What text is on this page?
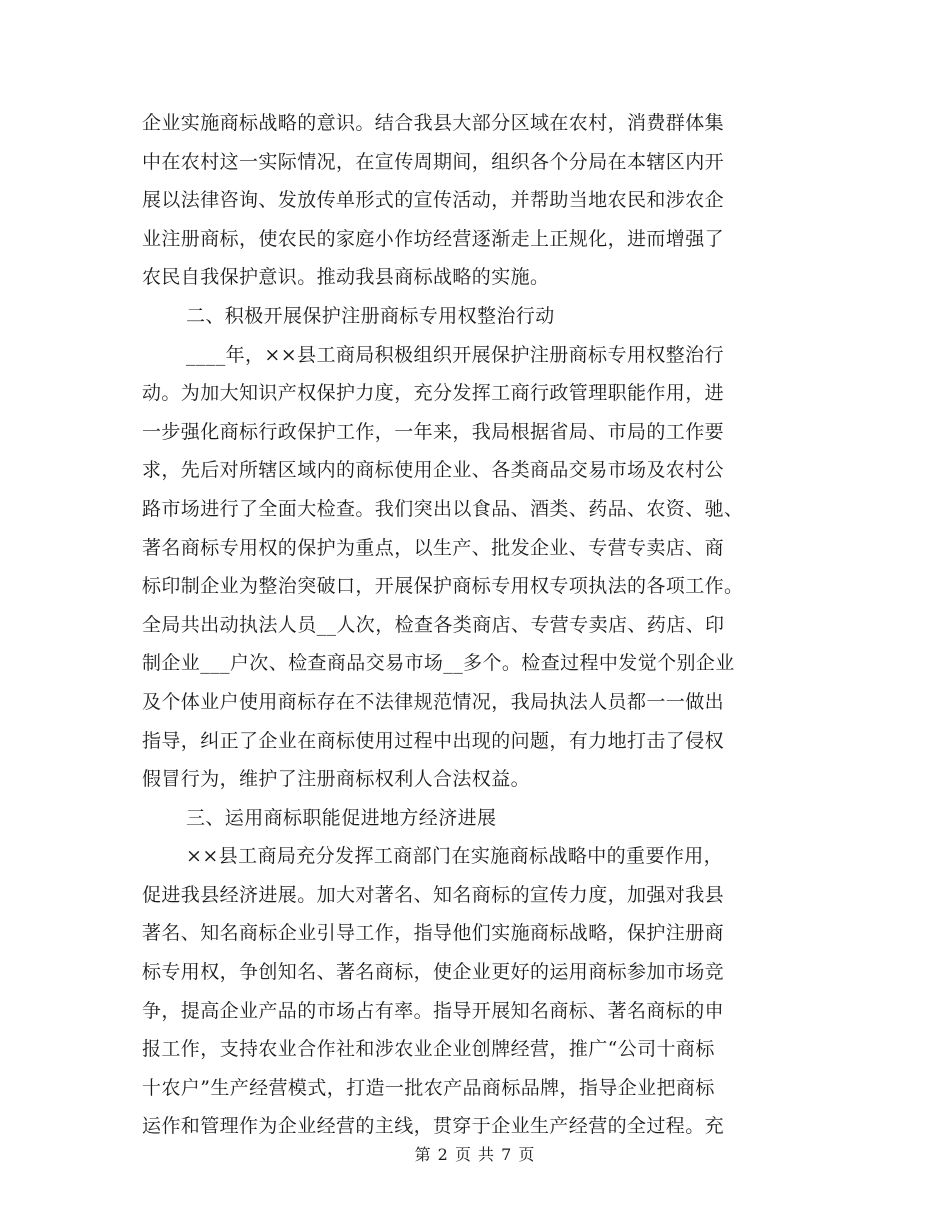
企业实施商标战略的意识。结合我县大部分区域在农村，消费群体集
中在农村这一实际情况，在宣传周期间，组织各个分局在本辖区内开
展以法律咨询、发放传单形式的宣传活动，并帮助当地农民和涉农企
业注册商标，使农民的家庭小作坊经营逐渐走上正规化，进而增强了
农民自我保护意识。推动我县商标战略的实施。
二、积极开展保护注册商标专用权整治行动
____年，××县工商局积极组织开展保护注册商标专用权整治行
动。为加大知识产权保护力度，充分发挥工商行政管理职能作用，进
一步强化商标行政保护工作，一年来，我局根据省局、市局的工作要
求，先后对所辖区域内的商标使用企业、各类商品交易市场及农村公
路市场进行了全面大检查。我们突出以食品、酒类、药品、农资、驰、
著名商标专用权的保护为重点，以生产、批发企业、专营专卖店、商
标印制企业为整治突破口，开展保护商标专用权专项执法的各项工作。
全局共出动执法人员__人次，检查各类商店、专营专卖店、药店、印
制企业___户次、检查商品交易市场__多个。检查过程中发觉个别企业
及个体业户使用商标存在不法律规范情况，我局执法人员都一一做出
指导，纠正了企业在商标使用过程中出现的问题，有力地打击了侵权
假冒行为，维护了注册商标权利人合法权益。
三、运用商标职能促进地方经济进展
××县工商局充分发挥工商部门在实施商标战略中的重要作用，
促进我县经济进展。加大对著名、知名商标的宣传力度，加强对我县
著名、知名商标企业引导工作，指导他们实施商标战略，保护注册商
标专用权，争创知名、著名商标，使企业更好的运用商标参加市场竞
争，提高企业产品的市场占有率。指导开展知名商标、著名商标的申
报工作，支持农业合作社和涉农业企业创牌经营，推广“公司十商标
十农户”生产经营模式，打造一批农产品商标品牌，指导企业把商标
运作和管理作为企业经营的主线，贯穿于企业生产经营的全过程。充
第 2 页 共 7 页
